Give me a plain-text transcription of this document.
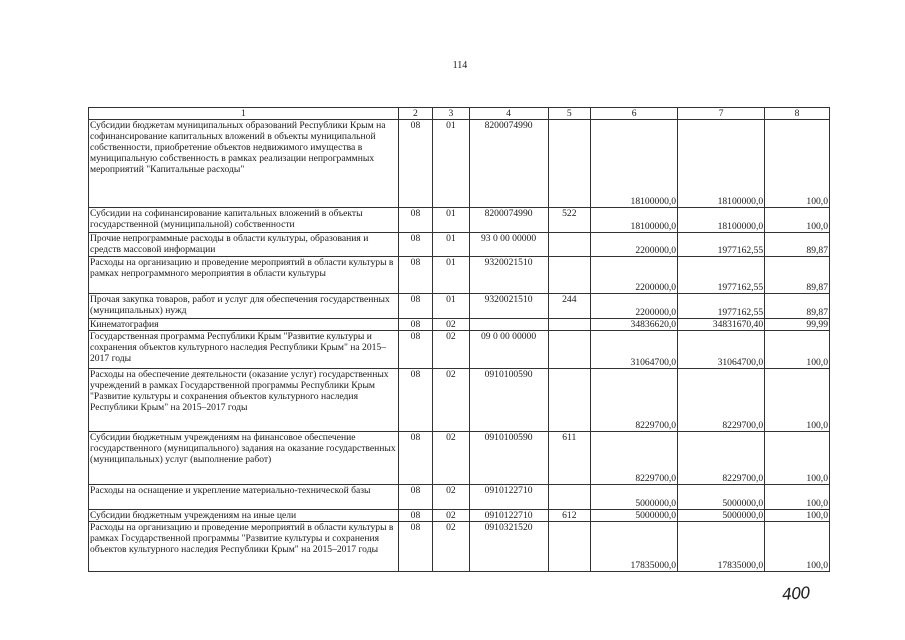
114
1	2	3	4	5	6	7	8
Субсидии бюджетам муниципальных образований Республики Крым на софинансирование капитальных вложений в объекты муниципальной собственности, приобретение объектов недвижимого имущества в муниципальную собственность в рамках реализации непрограммных мероприятий "Капитальные расходы"	08	01	8200074990		18100000,0	18100000,0	100,0
Субсидии на софинансирование капитальных вложений в объекты государственной (муниципальной) собственности	08	01	8200074990	522	18100000,0	18100000,0	100,0
Прочие непрограммные расходы в области культуры, образования и средств массовой информации	08	01	93 0 00 00000		2200000,0	1977162,55	89,87
Расходы на организацию и проведение мероприятий в области культуры в рамках непрограммного мероприятия в области культуры	08	01	9320021510		2200000,0	1977162,55	89,87
Прочая закупка товаров, работ и услуг для обеспечения государственных (муниципальных) нужд	08	01	9320021510	244	2200000,0	1977162,55	89,87
Кинематография	08	02			34836620,0	34831670,40	99,99
Государственная программа Республики Крым "Развитие культуры и сохранения объектов культурного наследия Республики Крым" на 2015–2017 годы	08	02	09 0 00 00000		31064700,0	31064700,0	100,0
Расходы на обеспечение деятельности (оказание услуг) государственных учреждений в рамках Государственной программы Республики Крым "Развитие культуры и сохранения объектов культурного наследия Республики Крым" на 2015–2017 годы	08	02	0910100590		8229700,0	8229700,0	100,0
Субсидии бюджетным учреждениям на финансовое обеспечение государственного (муниципального) задания на оказание государственных (муниципальных) услуг (выполнение работ)	08	02	0910100590	611	8229700,0	8229700,0	100,0
Расходы на оснащение и укрепление материально-технической базы	08	02	0910122710		5000000,0	5000000,0	100,0
Субсидии бюджетным учреждениям на иные цели	08	02	0910122710	612	5000000,0	5000000,0	100,0
Расходы на организацию и проведение мероприятий в области культуры в рамках Государственной программы "Развитие культуры и сохранения объектов культурного наследия Республики Крым" на 2015–2017 годы	08	02	0910321520		17835000,0	17835000,0	100,0
400
